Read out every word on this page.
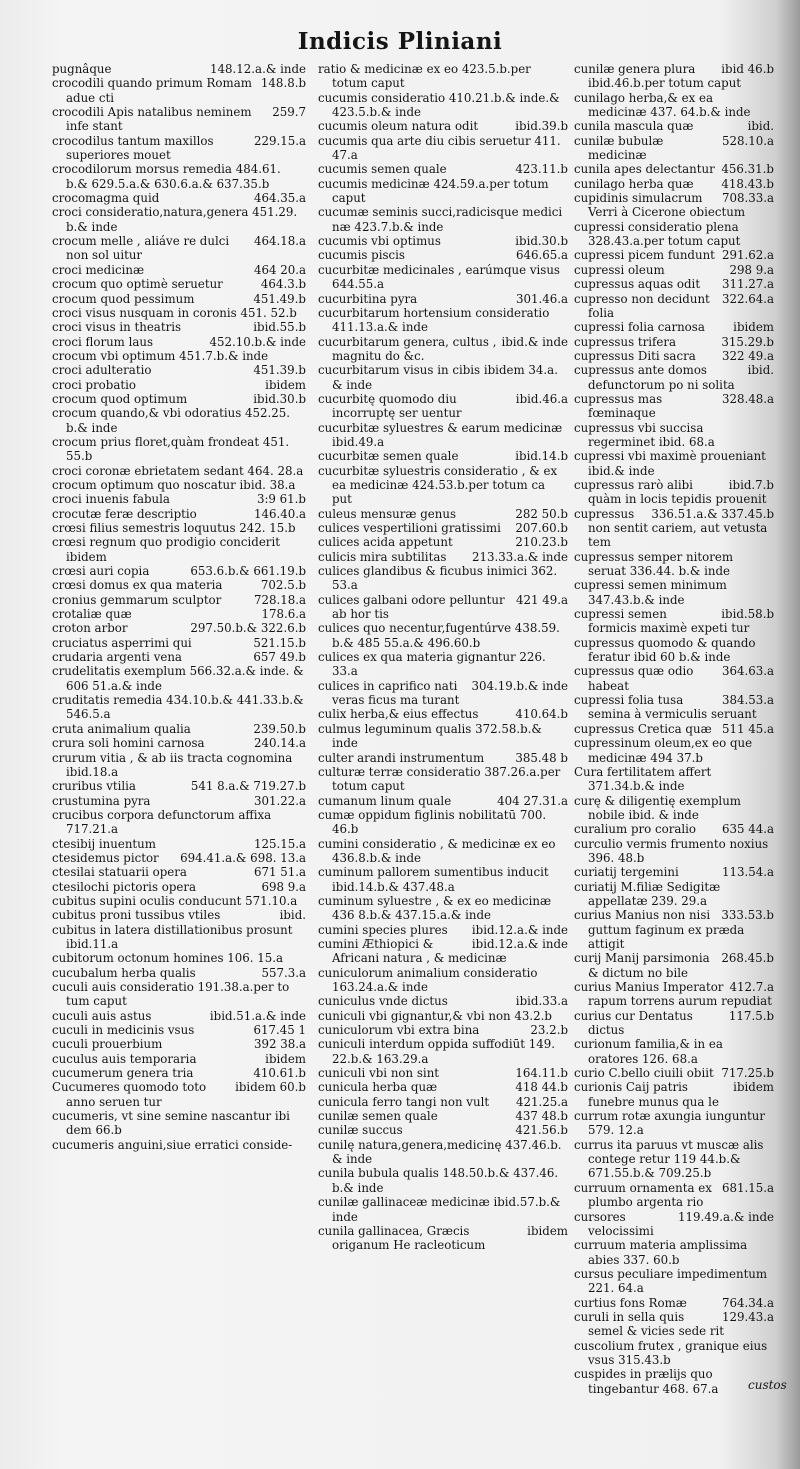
Indicis Pliniani
148.12.a.& inde
pugnâque
148.8.b
crocodili quando primum Romam adue cti
259.7
crocodili Apis natalibus neminem infe stant
229.15.a
crocodilus tantum maxillos superiores mouet
crocodilorum morsus remedia 484.61. b.& 629.5.a.& 630.6.a.& 637.35.b
464.35.a
crocomagma quid
croci consideratio,natura,genera 451.29. b.& inde
464.18.a
crocum melle , aliáve re dulci non sol uitur
464 20.a
croci medicinæ
464.3.b
crocum quo optimè seruetur
451.49.b
crocum quod pessimum
croci visus nusquam in coronis 451. 52.b
ibid.55.b
croci visus in theatris
452.10.b.& inde
croci florum laus
crocum vbi optimum 451.7.b.& inde
451.39.b
croci adulteratio
ibidem
croci probatio
ibid.30.b
crocum quod optimum
crocum quando,& vbi odoratius 452.25. b.& inde
crocum prius floret,quàm frondeat 451. 55.b
croci coronæ ebrietatem sedant 464. 28.a
crocum optimum quo noscatur ibid. 38.a
3:9 61.b
croci inuenis fabula
146.40.a
crocutæ feræ descriptio
crœsi filius semestris loquutus 242. 15.b
crœsi regnum quo prodigio conciderit ibidem
653.6.b.& 661.19.b
crœsi auri copia
702.5.b
crœsi domus ex qua materia
728.18.a
cronius gemmarum sculptor
178.6.a
crotaliæ quæ
297.50.b.& 322.6.b
croton arbor
521.15.b
cruciatus asperrimi qui
657 49.b
crudaria argenti vena
crudelitatis exemplum 566.32.a.& inde. & 606 51.a.& inde
cruditatis remedia 434.10.b.& 441.33.b.& 546.5.a
239.50.b
cruta animalium qualia
240.14.a
crura soli homini carnosa
crurum vitia , & ab iis tracta cognomina ibid.18.a
541 8.a.& 719.27.b
cruribus vtilia
301.22.a
crustumina pyra
crucibus corpora defunctorum affixa 717.21.a
125.15.a
ctesibij inuentum
694.41.a.& 698. 13.a
ctesidemus pictor
671 51.a
ctesilai statuarii opera
698 9.a
ctesilochi pictoris opera
cubitus supini oculis conducunt 571.10.a
ibid.
cubitus proni tussibus vtiles
cubitus in latera distillationibus prosunt ibid.11.a
cubitorum octonum homines 106. 15.a
557.3.a
cucubalum herba qualis
cuculi auis consideratio 191.38.a.per to tum caput
ibid.51.a.& inde
cuculi auis astus
617.45 1
cuculi in medicinis vsus
392 38.a
cuculi prouerbium
ibidem
cuculus auis temporaria
410.61.b
cucumerum genera tria
ibidem 60.b
Cucumeres quomodo toto anno seruen tur
cucumeris, vt sine semine nascantur ibi dem 66.b
cucumeris anguini,siue erratici conside-
ratio & medicinæ ex eo 423.5.b.per totum caput
cucumis consideratio 410.21.b.& inde.& 423.5.b.& inde
ibid.39.b
cucumis oleum natura odit
cucumis qua arte diu cibis seruetur 411. 47.a
423.11.b
cucumis semen quale
cucumis medicinæ 424.59.a.per totum caput
cucumæ seminis succi,radicisque medici næ 423.7.b.& inde
ibid.30.b
cucumis vbi optimus
646.65.a
cucumis piscis
cucurbitæ medicinales , earúmque visus 644.55.a
301.46.a
cucurbitina pyra
cucurbitarum hortensium consideratio 411.13.a.& inde
ibid.& inde
cucurbitarum genera, cultus , magnitu do &c.
cucurbitarum visus in cibis ibidem 34.a. & inde
ibid.46.a
cucurbitę quomodo diu incorruptę ser uentur
cucurbitæ syluestres & earum medicinæ ibid.49.a
ibid.14.b
cucurbitæ semen quale
cucurbitæ syluestris consideratio , & ex ea medicinæ 424.53.b.per totum ca put
282 50.b
culeus mensuræ genus
207.60.b
culices vespertilioni gratissimi
210.23.b
culices acida appetunt
213.33.a.& inde
culicis mira subtilitas
culices glandibus & ficubus inimici 362. 53.a
421 49.a
culices galbani odore pelluntur ab hor tis
culices quo necentur,fugentúrve 438.59. b.& 485 55.a.& 496.60.b
culices ex qua materia gignantur 226. 33.a
304.19.b.& inde
culices in caprifico nati veras ficus ma turant
410.64.b
culix herba,& eius effectus
culmus leguminum qualis 372.58.b.& inde
385.48 b
culter arandi instrumentum
culturæ terræ consideratio 387.26.a.per totum caput
404 27.31.a
cumanum linum quale
cumæ oppidum figlinis nobilitatū 700. 46.b
cumini consideratio , & medicinæ ex eo 436.8.b.& inde
cuminum pallorem sumentibus inducit ibid.14.b.& 437.48.a
cuminum syluestre , & ex eo medicinæ 436 8.b.& 437.15.a.& inde
ibid.12.a.& inde
cumini species plures
ibid.12.a.& inde
cumini Æthiopici & Africani natura , & medicinæ
cuniculorum animalium consideratio 163.24.a.& inde
ibid.33.a
cuniculus vnde dictus
cuniculi vbi gignantur,& vbi non 43.2.b
23.2.b
cuniculorum vbi extra bina
cuniculi interdum oppida suffodiūt 149. 22.b.& 163.29.a
164.11.b
cuniculi vbi non sint
418 44.b
cunicula herba quæ
421.25.a
cunicula ferro tangi non vult
437 48.b
cunilæ semen quale
421.56.b
cunilæ succus
cunilę natura,genera,medicinę 437.46.b. & inde
cunila bubula qualis 148.50.b.& 437.46. b.& inde
cunilæ gallinaceæ medicinæ ibid.57.b.& inde
ibidem
cunila gallinacea, Græcis origanum He racleoticum
ibid 46.b
cunilæ genera plura ibid.46.b.per totum caput
cunilago herba,& ex ea medicinæ 437. 64.b.& inde
ibid.
cunila mascula quæ
528.10.a
cunilæ bubulæ medicinæ
456.31.b
cunila apes delectantur
418.43.b
cunilago herba quæ
708.33.a
cupidinis simulacrum Verri à Cicerone obiectum
cupressi consideratio plena 328.43.a.per totum caput
291.62.a
cupressi picem fundunt
298 9.a
cupressi oleum
311.27.a
cupressus aquas odit
322.64.a
cupresso non decidunt folia
ibidem
cupressi folia carnosa
315.29.b
cupressus trifera
322 49.a
cupressus Diti sacra
ibid.
cupressus ante domos defunctorum po ni solita
328.48.a
cupressus mas fœminaque
cupressus vbi succisa regerminet ibid. 68.a
cupressi vbi maximè proueniant ibid.& inde
ibid.7.b
cupressus rarò alibi quàm in locis tepidis prouenit
336.51.a.& 337.45.b
cupressus non sentit cariem, aut vetusta tem
cupressus semper nitorem seruat 336.44. b.& inde
cupressi semen minimum 347.43.b.& inde
ibid.58.b
cupressi semen formicis maximè expeti tur
cupressus quomodo & quando feratur ibid 60 b.& inde
364.63.a
cupressus quæ odio habeat
384.53.a
cupressi folia tusa semina à vermiculis seruant
511 45.a
cupressus Cretica quæ
cupressinum oleum,ex eo que medicinæ 494 37.b
Cura fertilitatem affert 371.34.b.& inde
curę & diligentię exemplum nobile ibid. & inde
635 44.a
curalium pro coralio
curculio vermis frumento noxius 396. 48.b
113.54.a
curiatij tergemini
curiatij M.filiæ Sedigitæ appellatæ 239. 29.a
333.53.b
curius Manius non nisi guttum faginum ex præda attigit
268.45.b
curij Manij parsimonia & dictum no bile
412.7.a
curius Manius Imperator rapum torrens aurum repudiat
117.5.b
curius cur Dentatus dictus
curionum familia,& in ea oratores 126. 68.a
717.25.b
curio C.bello ciuili obiit
ibidem
curionis Caij patris funebre munus qua le
currum rotæ axungia iunguntur 579. 12.a
currus ita paruus vt muscæ alis contege retur 119 44.b.& 671.55.b.& 709.25.b
681.15.a
curruum ornamenta ex plumbo argenta rio
119.49.a.& inde
cursores velocissimi
curruum materia amplissima abies 337. 60.b
cursus peculiare impedimentum 221. 64.a
764.34.a
curtius fons Romæ
129.43.a
curuli in sella quis semel & vicies sede rit
cuscolium frutex , granique eius vsus 315.43.b
cuspides in prælijs quo tingebantur 468. 67.a	custos
